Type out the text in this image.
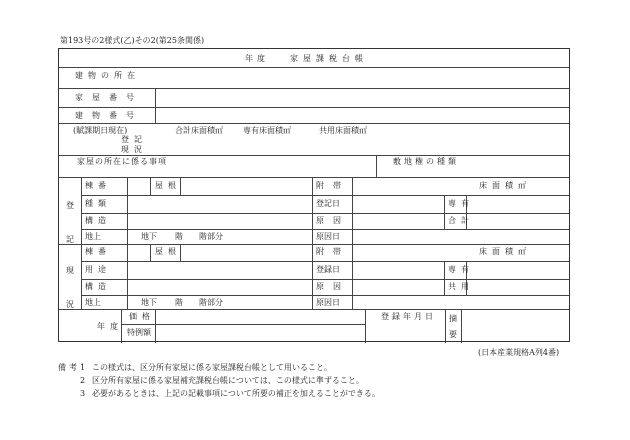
第193号の2様式(乙)その2(第25条関係)
年度	家屋課税台帳
建物の所在
家屋番号
建物番号
(賦課期日現在)	合計床面積㎡	専有床面積㎡	共用床面積㎡
登記
現況
家屋の所在に係る事項	敷地権の種類
登記
現況
棟番	屋根	附帯	床面積㎡
種類	登記日	専有
構造	原因	合計
地上	地下 階 階部分	原因日
棟番	屋根	附帯	床面積㎡
用途	登録日	専有
構造	原因	共用
地上	地下 階 階部分	原因日
年度
価格
特例額
登録年月日 摘要
(日本産業規格A列4番)
備考 1 この様式は、区分所有家屋に係る家屋課税台帳として用いること。
2 区分所有家屋に係る家屋補充課税台帳については、この様式に準ずること。
3 必要があるときは、上記の記載事項について所要の補正を加えることができる。
